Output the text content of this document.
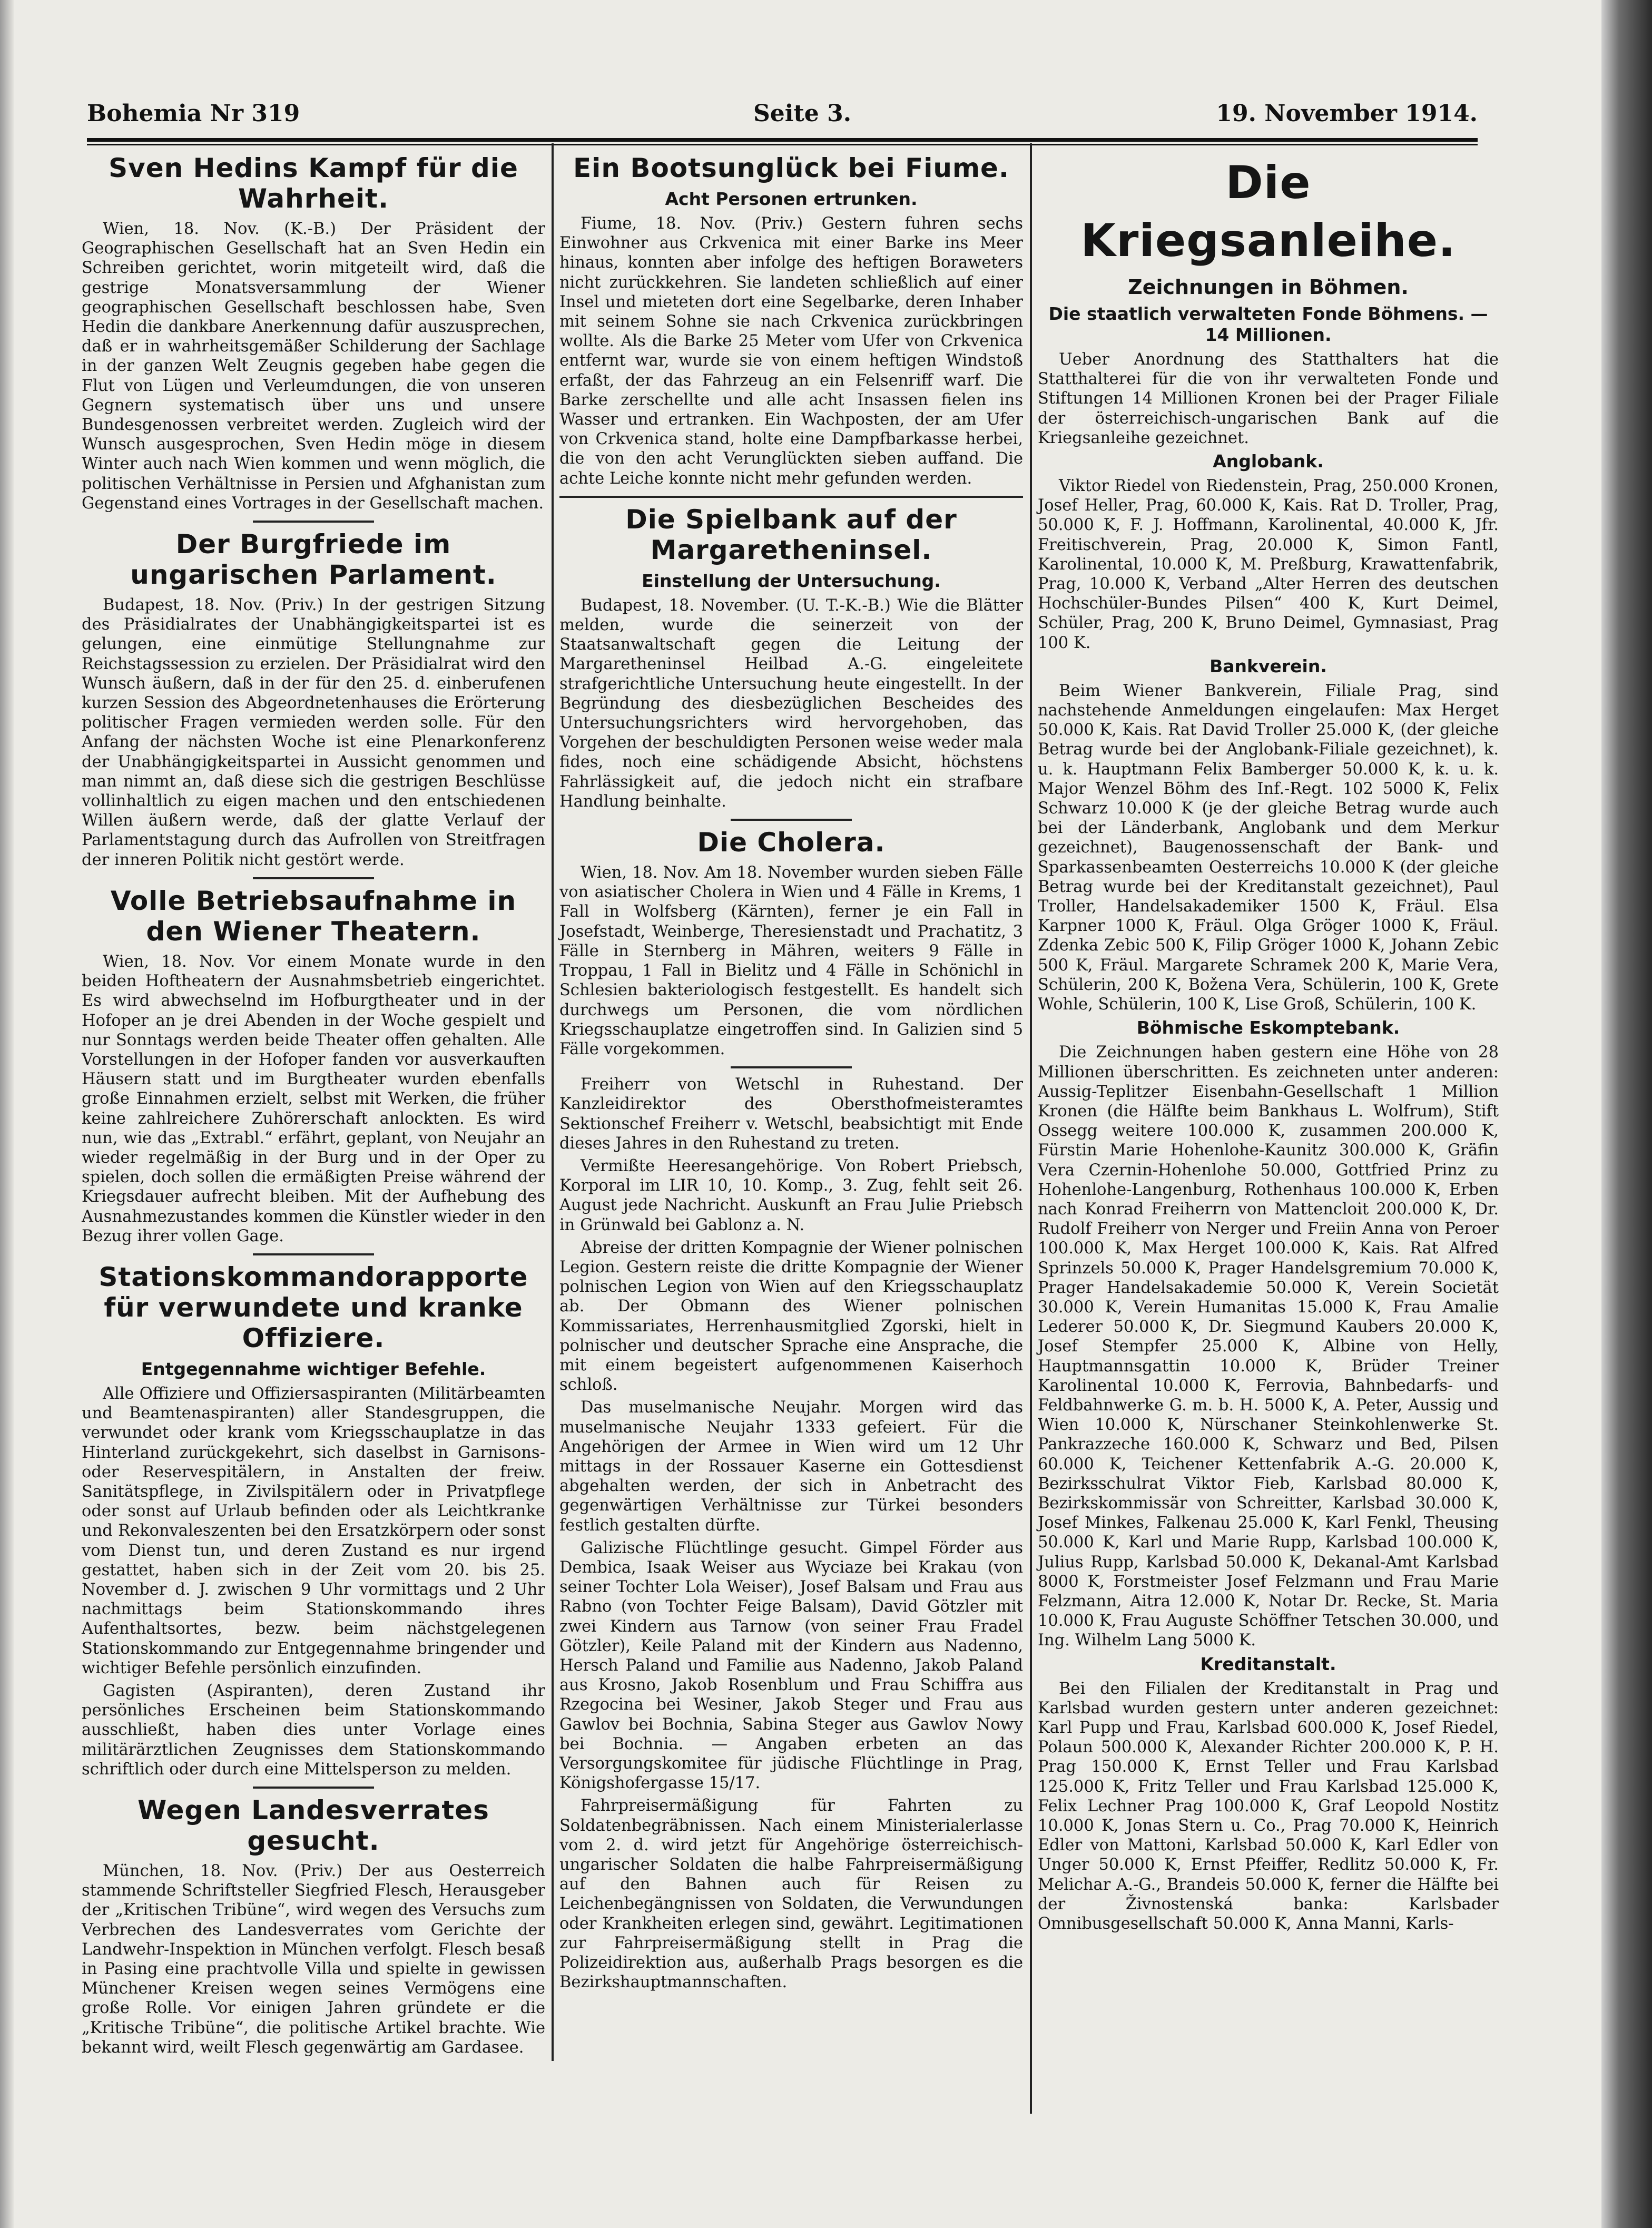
Bohemia Nr 319	Seite 3.	19. November 1914.
Sven Hedins Kampf für die Wahrheit.

Wien, 18. Nov. (K.-B.) Der Präsident der Geographischen Gesellschaft hat an Sven Hedin ein Schreiben gerichtet, worin mitgeteilt wird, daß die gestrige Monatsversammlung der Wiener geographischen Gesellschaft beschlossen habe, Sven Hedin die dankbare Anerkennung dafür auszusprechen, daß er in wahrheitsgemäßer Schilderung der Sachlage in der ganzen Welt Zeugnis gegeben habe gegen die Flut von Lügen und Verleumdungen, die von unseren Gegnern systematisch über uns und unsere Bundesgenossen verbreitet werden. Zugleich wird der Wunsch ausgesprochen, Sven Hedin möge in diesem Winter auch nach Wien kommen und wenn möglich, die politischen Verhältnisse in Persien und Afghanistan zum Gegenstand eines Vortrages in der Gesellschaft machen.

Der Burgfriede im ungarischen Parlament.

Budapest, 18. Nov. (Priv.) In der gestrigen Sitzung des Präsidialrates der Unabhängigkeitspartei ist es gelungen, eine einmütige Stellungnahme zur Reichstagssession zu erzielen. Der Präsidialrat wird den Wunsch äußern, daß in der für den 25. d. einberufenen kurzen Session des Abgeordnetenhauses die Erörterung politischer Fragen vermieden werden solle. Für den Anfang der nächsten Woche ist eine Plenarkonferenz der Unabhängigkeitspartei in Aussicht genommen und man nimmt an, daß diese sich die gestrigen Beschlüsse vollinhaltlich zu eigen machen und den entschiedenen Willen äußern werde, daß der glatte Verlauf der Parlamentstagung durch das Aufrollen von Streitfragen der inneren Politik nicht gestört werde.

Volle Betriebsaufnahme in den Wiener Theatern.

Wien, 18. Nov. Vor einem Monate wurde in den beiden Hoftheatern der Ausnahmsbetrieb eingerichtet. Es wird abwechselnd im Hofburgtheater und in der Hofoper an je drei Abenden in der Woche gespielt und nur Sonntags werden beide Theater offen gehalten. Alle Vorstellungen in der Hofoper fanden vor ausverkauften Häusern statt und im Burgtheater wurden ebenfalls große Einnahmen erzielt, selbst mit Werken, die früher keine zahlreichere Zuhörerschaft anlockten. Es wird nun, wie das „Extrabl.“ erfährt, geplant, von Neujahr an wieder regelmäßig in der Burg und in der Oper zu spielen, doch sollen die ermäßigten Preise während der Kriegsdauer aufrecht bleiben. Mit der Aufhebung des Ausnahmezustandes kommen die Künstler wieder in den Bezug ihrer vollen Gage.

Stationskommandorapporte für verwundete und kranke Offiziere.
Entgegennahme wichtiger Befehle.

Alle Offiziere und Offiziersaspiranten (Militärbeamten und Beamtenaspiranten) aller Standesgruppen, die verwundet oder krank vom Kriegsschauplatze in das Hinterland zurückgekehrt, sich daselbst in Garnisons- oder Reservespitälern, in Anstalten der freiw. Sanitätspflege, in Zivilspitälern oder in Privatpflege oder sonst auf Urlaub befinden oder als Leichtkranke und Rekonvaleszenten bei den Ersatzkörpern oder sonst vom Dienst tun, und deren Zustand es nur irgend gestattet, haben sich in der Zeit vom 20. bis 25. November d. J. zwischen 9 Uhr vormittags und 2 Uhr nachmittags beim Stationskommando ihres Aufenthaltsortes, bezw. beim nächstgelegenen Stationskommando zur Entgegennahme bringender und wichtiger Befehle persönlich einzufinden.

Gagisten (Aspiranten), deren Zustand ihr persönliches Erscheinen beim Stationskommando ausschließt, haben dies unter Vorlage eines militärärztlichen Zeugnisses dem Stationskommando schriftlich oder durch eine Mittelsperson zu melden.

Wegen Landesverrates gesucht.

München, 18. Nov. (Priv.) Der aus Oesterreich stammende Schriftsteller Siegfried Flesch, Herausgeber der „Kritischen Tribüne“, wird wegen des Versuchs zum Verbrechen des Landesverrates vom Gerichte der Landwehr-Inspektion in München verfolgt. Flesch besaß in Pasing eine prachtvolle Villa und spielte in gewissen Münchener Kreisen wegen seines Vermögens eine große Rolle. Vor einigen Jahren gründete er die „Kritische Tribüne“, die politische Artikel brachte. Wie bekannt wird, weilt Flesch gegenwärtig am Gardasee.

Ein Bootsunglück bei Fiume.
Acht Personen ertrunken.

Fiume, 18. Nov. (Priv.) Gestern fuhren sechs Einwohner aus Crkvenica mit einer Barke ins Meer hinaus, konnten aber infolge des heftigen Boraweters nicht zurückkehren. Sie landeten schließlich auf einer Insel und mieteten dort eine Segelbarke, deren Inhaber mit seinem Sohne sie nach Crkvenica zurückbringen wollte. Als die Barke 25 Meter vom Ufer von Crkvenica entfernt war, wurde sie von einem heftigen Windstoß erfaßt, der das Fahrzeug an ein Felsenriff warf. Die Barke zerschellte und alle acht Insassen fielen ins Wasser und ertranken. Ein Wachposten, der am Ufer von Crkvenica stand, holte eine Dampfbarkasse herbei, die von den acht Verunglückten sieben auffand. Die achte Leiche konnte nicht mehr gefunden werden.

Die Spielbank auf der Margaretheninsel.
Einstellung der Untersuchung.

Budapest, 18. November. (U. T.-K.-B.) Wie die Blätter melden, wurde die seinerzeit von der Staatsanwaltschaft gegen die Leitung der Margaretheninsel Heilbad A.-G. eingeleitete strafgerichtliche Untersuchung heute eingestellt. In der Begründung des diesbezüglichen Bescheides des Untersuchungsrichters wird hervorgehoben, das Vorgehen der beschuldigten Personen weise weder mala fides, noch eine schädigende Absicht, höchstens Fahrlässigkeit auf, die jedoch nicht ein strafbare Handlung beinhalte.

Die Cholera.

Wien, 18. Nov. Am 18. November wurden sieben Fälle von asiatischer Cholera in Wien und 4 Fälle in Krems, 1 Fall in Wolfsberg (Kärnten), ferner je ein Fall in Josefstadt, Weinberge, Theresienstadt und Prachatitz, 3 Fälle in Sternberg in Mähren, weiters 9 Fälle in Troppau, 1 Fall in Bielitz und 4 Fälle in Schönichl in Schlesien bakteriologisch festgestellt. Es handelt sich durchwegs um Personen, die vom nördlichen Kriegsschauplatze eingetroffen sind. In Galizien sind 5 Fälle vorgekommen.

Freiherr von Wetschl in Ruhestand. Der Kanzleidirektor des Obersthofmeisteramtes Sektionschef Freiherr v. Wetschl, beabsichtigt mit Ende dieses Jahres in den Ruhestand zu treten.

Vermißte Heeresangehörige. Von Robert Priebsch, Korporal im LIR 10, 10. Komp., 3. Zug, fehlt seit 26. August jede Nachricht. Auskunft an Frau Julie Priebsch in Grünwald bei Gablonz a. N.

Abreise der dritten Kompagnie der Wiener polnischen Legion. Gestern reiste die dritte Kompagnie der Wiener polnischen Legion von Wien auf den Kriegsschauplatz ab. Der Obmann des Wiener polnischen Kommissariates, Herrenhausmitglied Zgorski, hielt in polnischer und deutscher Sprache eine Ansprache, die mit einem begeistert aufgenommenen Kaiserhoch schloß.

Das muselmanische Neujahr. Morgen wird das muselmanische Neujahr 1333 gefeiert. Für die Angehörigen der Armee in Wien wird um 12 Uhr mittags in der Rossauer Kaserne ein Gottesdienst abgehalten werden, der sich in Anbetracht des gegenwärtigen Verhältnisse zur Türkei besonders festlich gestalten dürfte.

Galizische Flüchtlinge gesucht. Gimpel Förder aus Dembica, Isaak Weiser aus Wyciaze bei Krakau (von seiner Tochter Lola Weiser), Josef Balsam und Frau aus Rabno (von Tochter Feige Balsam), David Götzler mit zwei Kindern aus Tarnow (von seiner Frau Fradel Götzler), Keile Paland mit der Kindern aus Nadenno, Hersch Paland und Familie aus Nadenno, Jakob Paland aus Krosno, Jakob Rosenblum und Frau Schiffra aus Rzegocina bei Wesiner, Jakob Steger und Frau aus Gawlov bei Bochnia, Sabina Steger aus Gawlov Nowy bei Bochnia. — Angaben erbeten an das Versorgungskomitee für jüdische Flüchtlinge in Prag, Königshofergasse 15/17.

Fahrpreisermäßigung für Fahrten zu Soldatenbegräbnissen. Nach einem Ministerialerlasse vom 2. d. wird jetzt für Angehörige österreichisch-ungarischer Soldaten die halbe Fahrpreisermäßigung auf den Bahnen auch für Reisen zu Leichenbegängnissen von Soldaten, die Verwundungen oder Krankheiten erlegen sind, gewährt. Legitimationen zur Fahrpreisermäßigung stellt in Prag die Polizeidirektion aus, außerhalb Prags besorgen es die Bezirkshauptmannschaften.

Die Kriegsanleihe.
Zeichnungen in Böhmen.
Die staatlich verwalteten Fonde Böhmens. — 14 Millionen.

Ueber Anordnung des Statthalters hat die Statthalterei für die von ihr verwalteten Fonde und Stiftungen 14 Millionen Kronen bei der Prager Filiale der österreichisch-ungarischen Bank auf die Kriegsanleihe gezeichnet.

Anglobank.

Viktor Riedel von Riedenstein, Prag, 250.000 Kronen, Josef Heller, Prag, 60.000 K, Kais. Rat D. Troller, Prag, 50.000 K, F. J. Hoffmann, Karolinental, 40.000 K, Jfr. Freitischverein, Prag, 20.000 K, Simon Fantl, Karolinental, 10.000 K, M. Preßburg, Krawattenfabrik, Prag, 10.000 K, Verband „Alter Herren des deutschen Hochschüler-Bundes Pilsen“ 400 K, Kurt Deimel, Schüler, Prag, 200 K, Bruno Deimel, Gymnasiast, Prag 100 K.

Bankverein.

Beim Wiener Bankverein, Filiale Prag, sind nachstehende Anmeldungen eingelaufen: Max Herget 50.000 K, Kais. Rat David Troller 25.000 K, (der gleiche Betrag wurde bei der Anglobank-Filiale gezeichnet), k. u. k. Hauptmann Felix Bamberger 50.000 K, k. u. k. Major Wenzel Böhm des Inf.-Regt. 102 5000 K, Felix Schwarz 10.000 K (je der gleiche Betrag wurde auch bei der Länderbank, Anglobank und dem Merkur gezeichnet), Baugenossenschaft der Bank- und Sparkassenbeamten Oesterreichs 10.000 K (der gleiche Betrag wurde bei der Kreditanstalt gezeichnet), Paul Troller, Handelsakademiker 1500 K, Fräul. Elsa Karpner 1000 K, Fräul. Olga Gröger 1000 K, Fräul. Zdenka Zebic 500 K, Filip Gröger 1000 K, Johann Zebic 500 K, Fräul. Margarete Schramek 200 K, Marie Vera, Schülerin, 200 K, Božena Vera, Schülerin, 100 K, Grete Wohle, Schülerin, 100 K, Lise Groß, Schülerin, 100 K.

Böhmische Eskomptebank.

Die Zeichnungen haben gestern eine Höhe von 28 Millionen überschritten. Es zeichneten unter anderen: Aussig-Teplitzer Eisenbahn-Gesellschaft 1 Million Kronen (die Hälfte beim Bankhaus L. Wolfrum), Stift Ossegg weitere 100.000 K, zusammen 200.000 K, Fürstin Marie Hohenlohe-Kaunitz 300.000 K, Gräfin Vera Czernin-Hohenlohe 50.000, Gottfried Prinz zu Hohenlohe-Langenburg, Rothenhaus 100.000 K, Erben nach Konrad Freiherrn von Mattencloit 200.000 K, Dr. Rudolf Freiherr von Nerger und Freiin Anna von Peroer 100.000 K, Max Herget 100.000 K, Kais. Rat Alfred Sprinzels 50.000 K, Prager Handelsgremium 70.000 K, Prager Handelsakademie 50.000 K, Verein Societät 30.000 K, Verein Humanitas 15.000 K, Frau Amalie Lederer 50.000 K, Dr. Siegmund Kaubers 20.000 K, Josef Stempfer 25.000 K, Albine von Helly, Hauptmannsgattin 10.000 K, Brüder Treiner Karolinental 10.000 K, Ferrovia, Bahnbedarfs- und Feldbahnwerke G. m. b. H. 5000 K, A. Peter, Aussig und Wien 10.000 K, Nürschaner Steinkohlenwerke St. Pankrazzeche 160.000 K, Schwarz und Bed, Pilsen 60.000 K, Teichener Kettenfabrik A.-G. 20.000 K, Bezirksschulrat Viktor Fieb, Karlsbad 80.000 K, Bezirkskommissär von Schreitter, Karlsbad 30.000 K, Josef Minkes, Falkenau 25.000 K, Karl Fenkl, Theusing 50.000 K, Karl und Marie Rupp, Karlsbad 100.000 K, Julius Rupp, Karlsbad 50.000 K, Dekanal-Amt Karlsbad 8000 K, Forstmeister Josef Felzmann und Frau Marie Felzmann, Aitra 12.000 K, Notar Dr. Recke, St. Maria 10.000 K, Frau Auguste Schöffner Tetschen 30.000, und Ing. Wilhelm Lang 5000 K.

Kreditanstalt.

Bei den Filialen der Kreditanstalt in Prag und Karlsbad wurden gestern unter anderen gezeichnet: Karl Pupp und Frau, Karlsbad 600.000 K, Josef Riedel, Polaun 500.000 K, Alexander Richter 200.000 K, P. H. Prag 150.000 K, Ernst Teller und Frau Karlsbad 125.000 K, Fritz Teller und Frau Karlsbad 125.000 K, Felix Lechner Prag 100.000 K, Graf Leopold Nostitz 10.000 K, Jonas Stern u. Co., Prag 70.000 K, Heinrich Edler von Mattoni, Karlsbad 50.000 K, Karl Edler von Unger 50.000 K, Ernst Pfeiffer, Redlitz 50.000 K, Fr. Melichar A.-G., Brandeis 50.000 K, ferner die Hälfte bei der Živnostenská banka: Karlsbader Omnibusgesellschaft 50.000 K, Anna Manni, Karls-
